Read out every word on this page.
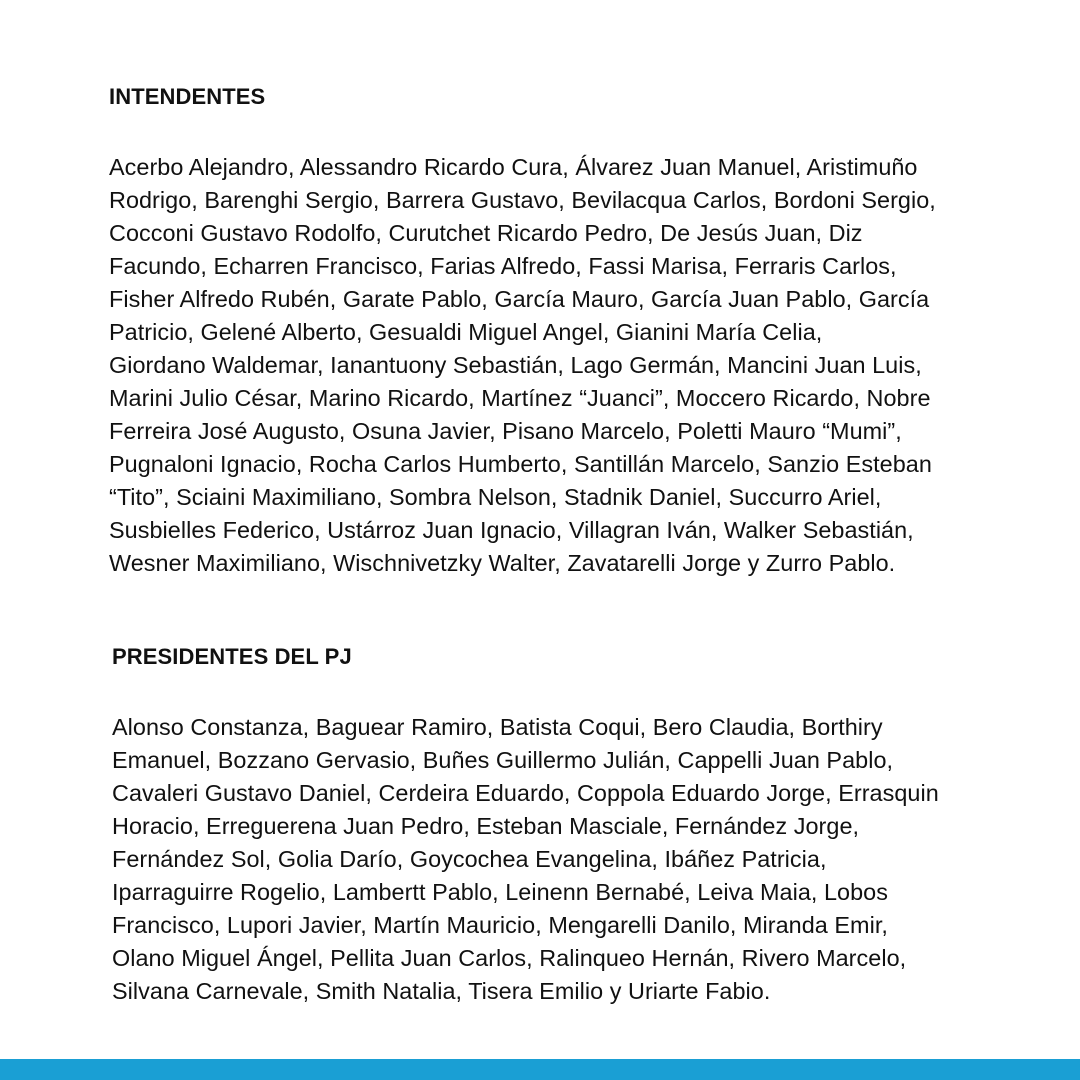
INTENDENTES

Acerbo Alejandro, Alessandro Ricardo Cura, Álvarez Juan Manuel, Aristimuño
Rodrigo, Barenghi Sergio, Barrera Gustavo, Bevilacqua Carlos, Bordoni Sergio,
Cocconi Gustavo Rodolfo, Curutchet Ricardo Pedro, De Jesús Juan, Diz
Facundo, Echarren Francisco, Farias Alfredo, Fassi Marisa, Ferraris Carlos,
Fisher Alfredo Rubén, Garate Pablo, García Mauro, García Juan Pablo, García
Patricio, Gelené Alberto, Gesualdi Miguel Angel, Gianini María Celia,
Giordano Waldemar, Ianantuony Sebastián, Lago Germán, Mancini Juan Luis,
Marini Julio César, Marino Ricardo, Martínez “Juanci”, Moccero Ricardo, Nobre
Ferreira José Augusto, Osuna Javier, Pisano Marcelo, Poletti Mauro “Mumi”,
Pugnaloni Ignacio, Rocha Carlos Humberto, Santillán Marcelo, Sanzio Esteban
“Tito”, Sciaini Maximiliano, Sombra Nelson, Stadnik Daniel, Succurro Ariel,
Susbielles Federico, Ustárroz Juan Ignacio, Villagran Iván, Walker Sebastián,
Wesner Maximiliano, Wischnivetzky Walter, Zavatarelli Jorge y Zurro Pablo.

PRESIDENTES DEL PJ

Alonso Constanza, Baguear Ramiro, Batista Coqui, Bero Claudia, Borthiry
Emanuel, Bozzano Gervasio, Buñes Guillermo Julián, Cappelli Juan Pablo,
Cavaleri Gustavo Daniel, Cerdeira Eduardo, Coppola Eduardo Jorge, Errasquin
Horacio, Erreguerena Juan Pedro, Esteban Masciale, Fernández Jorge,
Fernández Sol, Golia Darío, Goycochea Evangelina, Ibáñez Patricia,
Iparraguirre Rogelio, Lambertt Pablo, Leinenn Bernabé, Leiva Maia, Lobos
Francisco, Lupori Javier, Martín Mauricio, Mengarelli Danilo, Miranda Emir,
Olano Miguel Ángel, Pellita Juan Carlos, Ralinqueo Hernán, Rivero Marcelo,
Silvana Carnevale, Smith Natalia, Tisera Emilio y Uriarte Fabio.
